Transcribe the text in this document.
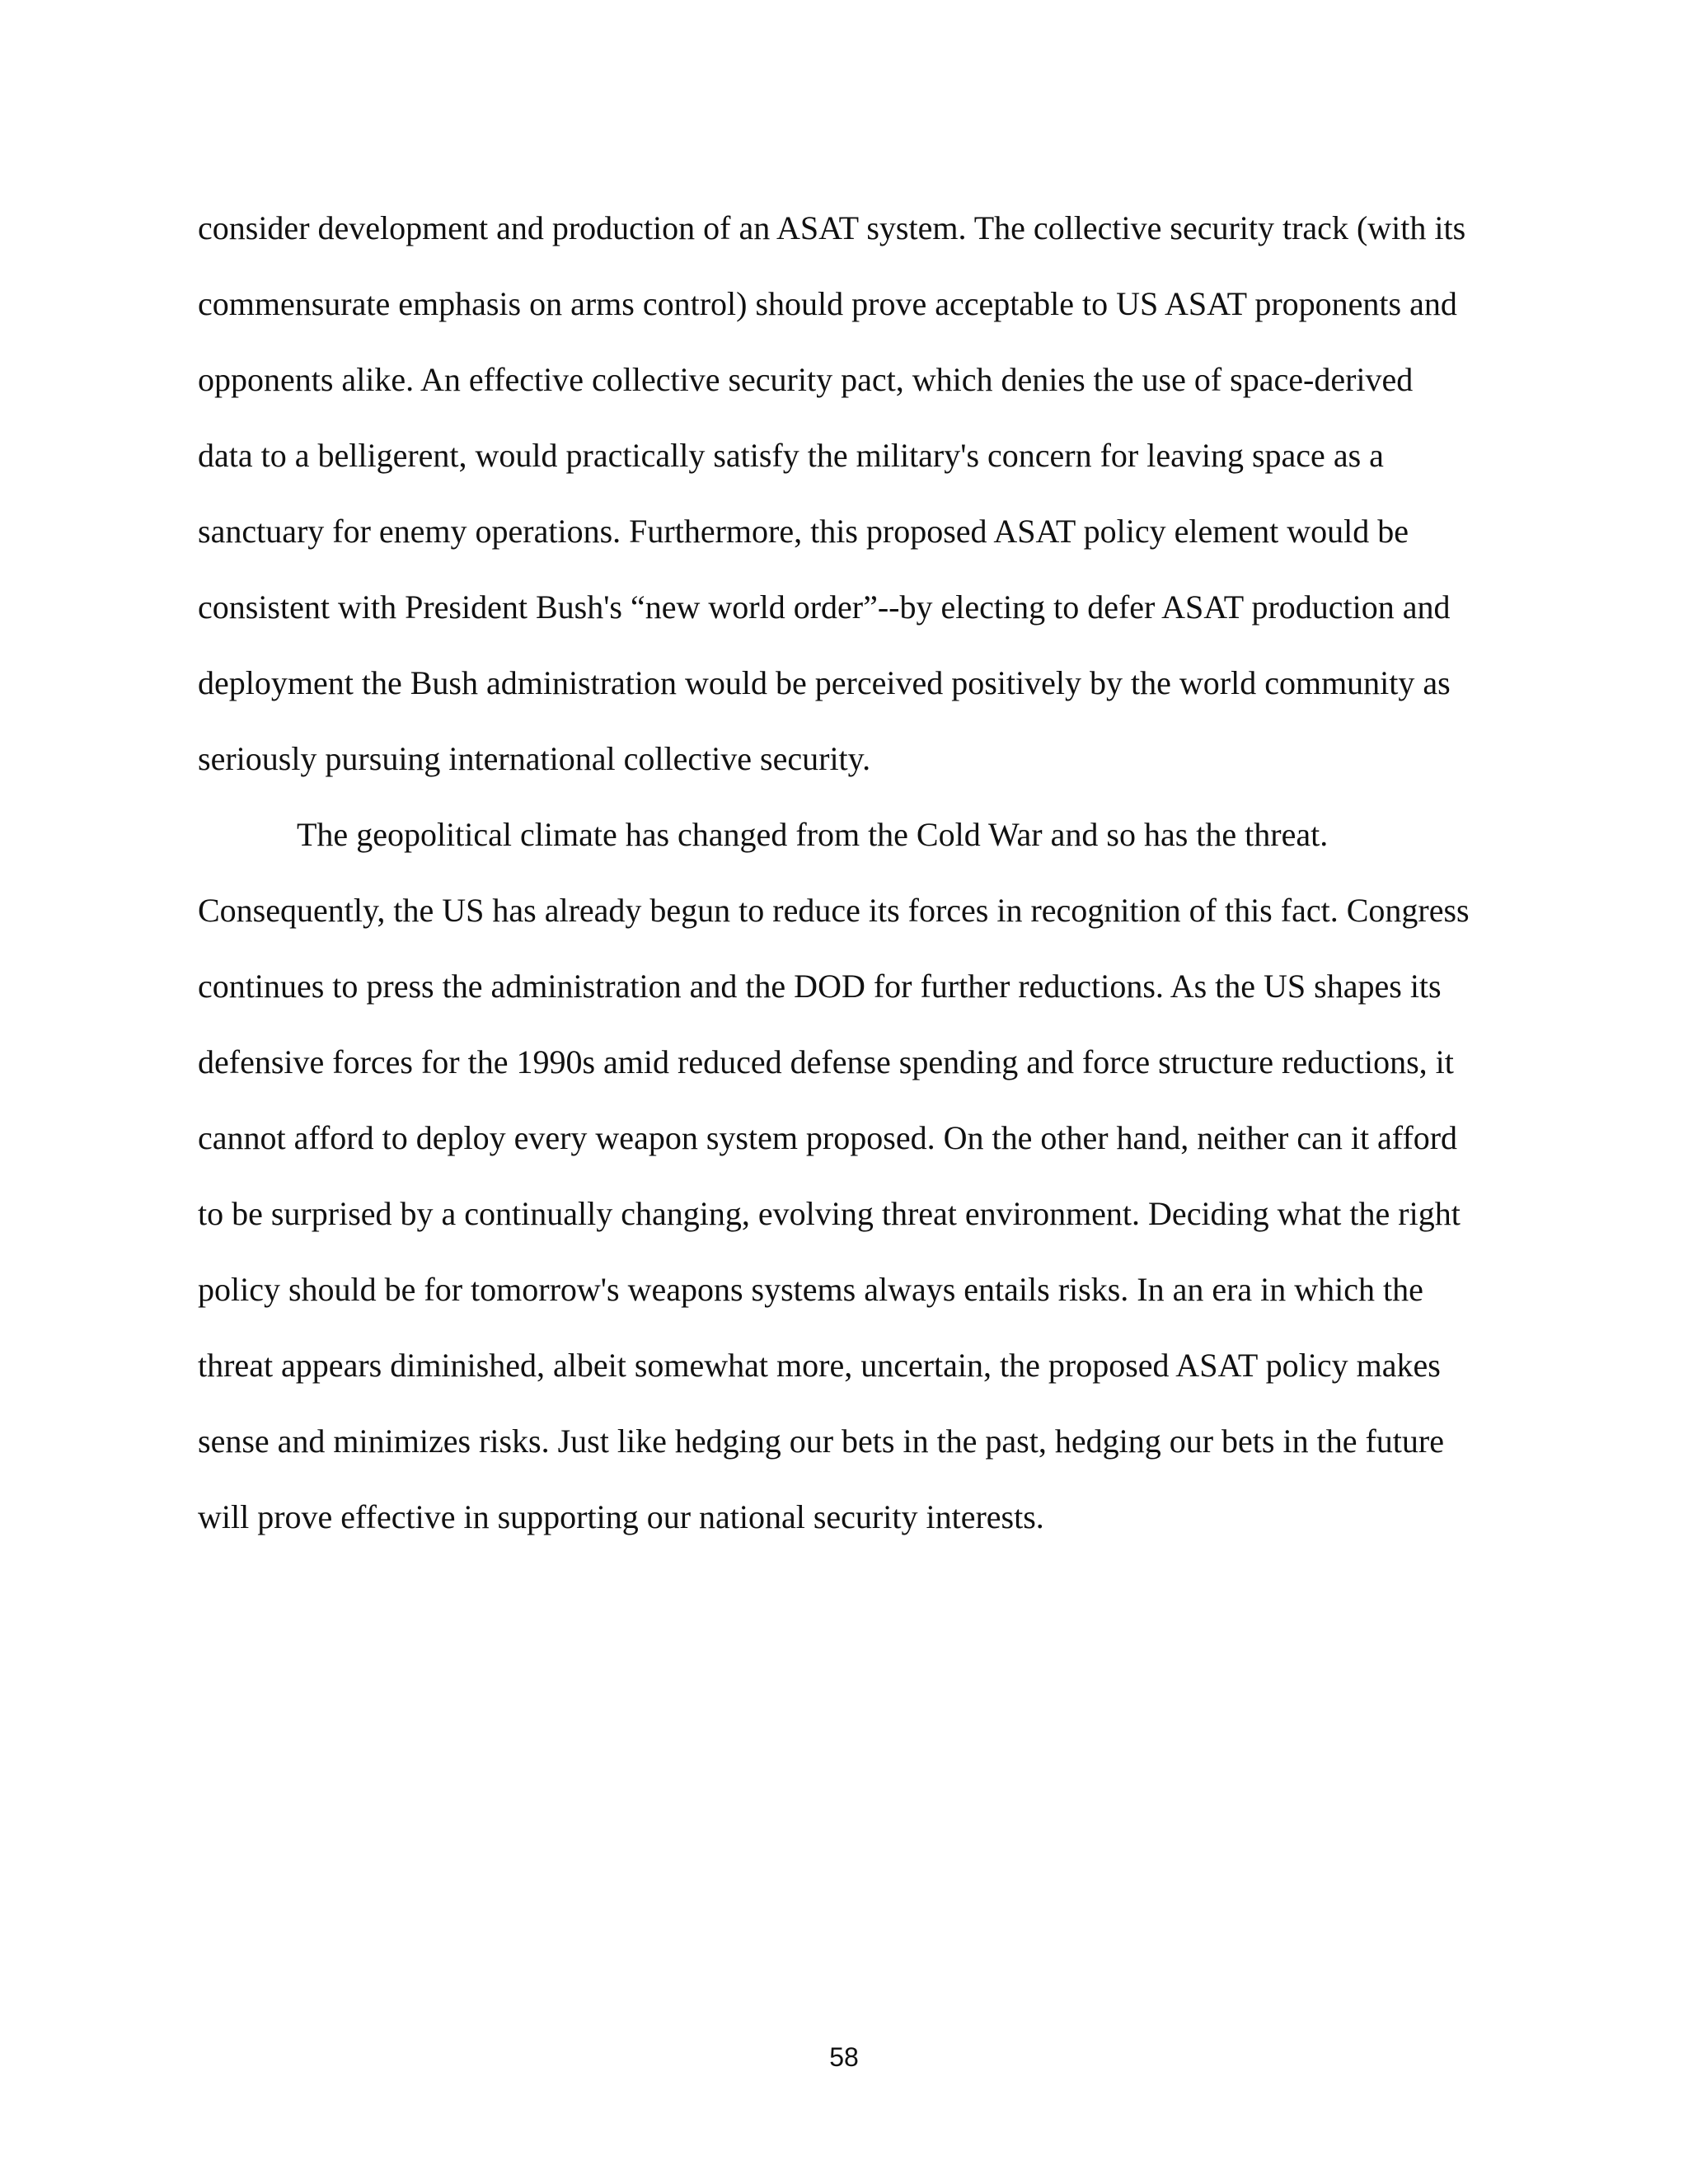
consider development and production of an ASAT system. The collective security track (with its
commensurate emphasis on arms control) should prove acceptable to US ASAT proponents and
opponents alike. An effective collective security pact, which denies the use of space-derived
data to a belligerent, would practically satisfy the military's concern for leaving space as a
sanctuary for enemy operations. Furthermore, this proposed ASAT policy element would be
consistent with President Bush's “new world order”--by electing to defer ASAT production and
deployment the Bush administration would be perceived positively by the world community as
seriously pursuing international collective security.
The geopolitical climate has changed from the Cold War and so has the threat.
Consequently, the US has already begun to reduce its forces in recognition of this fact. Congress
continues to press the administration and the DOD for further reductions. As the US shapes its
defensive forces for the 1990s amid reduced defense spending and force structure reductions, it
cannot afford to deploy every weapon system proposed. On the other hand, neither can it afford
to be surprised by a continually changing, evolving threat environment. Deciding what the right
policy should be for tomorrow's weapons systems always entails risks. In an era in which the
threat appears diminished, albeit somewhat more, uncertain, the proposed ASAT policy makes
sense and minimizes risks. Just like hedging our bets in the past, hedging our bets in the future
will prove effective in supporting our national security interests.
58
